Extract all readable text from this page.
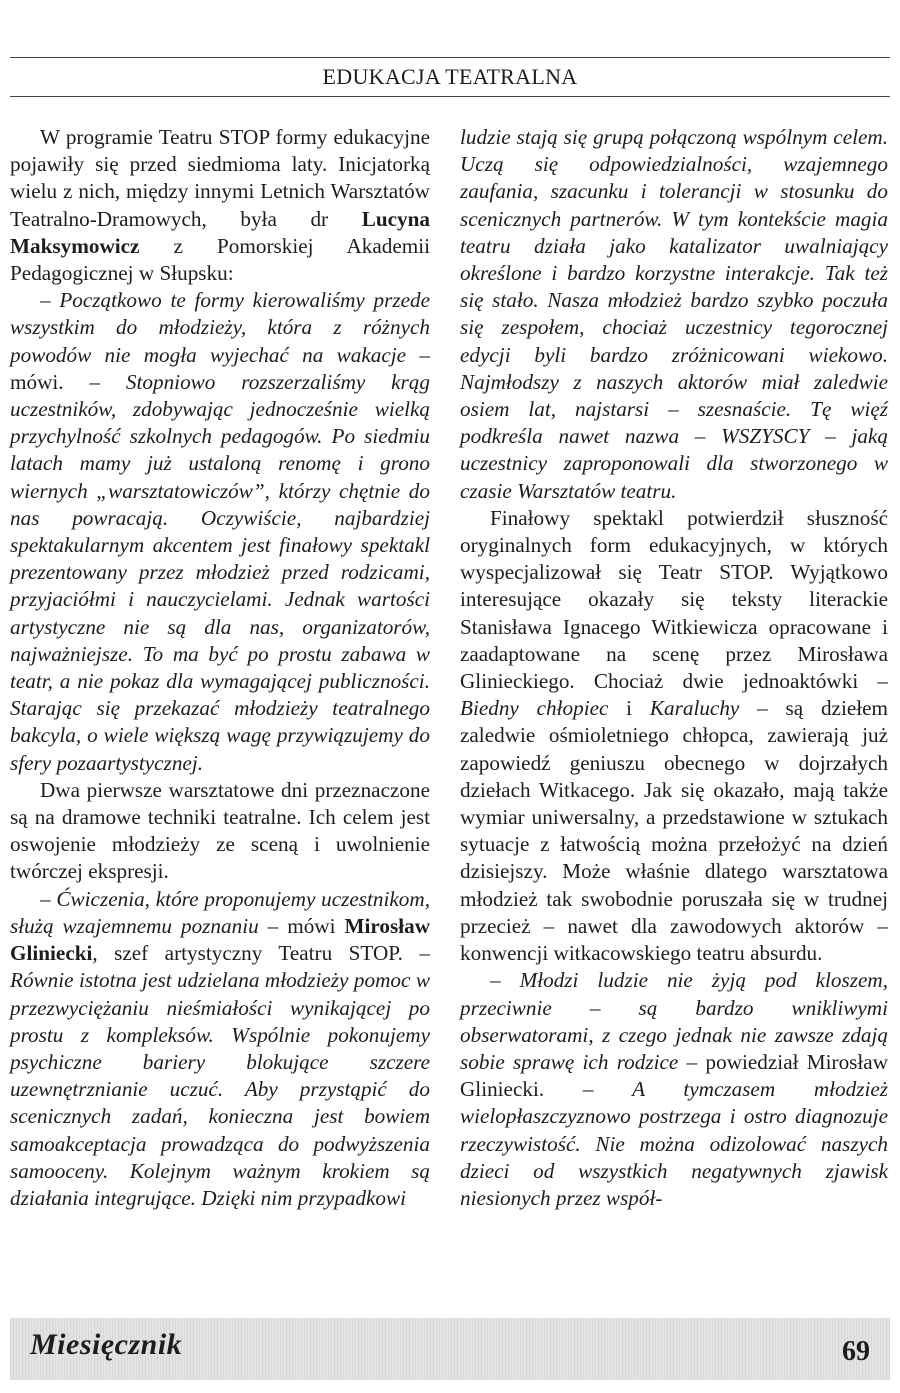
EDUKACJA TEATRALNA

W programie Teatru STOP formy edukacyjne pojawiły się przed siedmioma laty. Inicjatorką wielu z nich, między innymi Letnich Warsztatów Teatralno-Dramowych, była dr Lucyna Maksymowicz z Pomorskiej Akademii Pedagogicznej w Słupsku:

– Początkowo te formy kierowaliśmy przede wszystkim do młodzieży, która z różnych powodów nie mogła wyjechać na wakacje – mówi. – Stopniowo rozszerzaliśmy krąg uczestników, zdobywając jednocześnie wielką przychylność szkolnych pedagogów. Po siedmiu latach mamy już ustaloną renomę i grono wiernych „warsztatowiczów”, którzy chętnie do nas powracają. Oczywiście, najbardziej spektakularnym akcentem jest finałowy spektakl prezentowany przez młodzież przed rodzicami, przyjaciółmi i nauczycielami. Jednak wartości artystyczne nie są dla nas, organizatorów, najważniejsze. To ma być po prostu zabawa w teatr, a nie pokaz dla wymagającej publiczności. Starając się przekazać młodzieży teatralnego bakcyla, o wiele większą wagę przywiązujemy do sfery pozaartystycznej.

Dwa pierwsze warsztatowe dni przeznaczone są na dramowe techniki teatralne. Ich celem jest oswojenie młodzieży ze sceną i uwolnienie twórczej ekspresji.

– Ćwiczenia, które proponujemy uczestnikom, służą wzajemnemu poznaniu – mówi Mirosław Gliniecki, szef artystyczny Teatru STOP. – Równie istotna jest udzielana młodzieży pomoc w przezwyciężaniu nieśmiałości wynikającej po prostu z kompleksów. Wspólnie pokonujemy psychiczne bariery blokujące szczere uzewnętrznianie uczuć. Aby przystąpić do scenicznych zadań, konieczna jest bowiem samoakceptacja prowadząca do podwyższenia samooceny. Kolejnym ważnym krokiem są działania integrujące. Dzięki nim przypadkowi

ludzie stają się grupą połączoną wspólnym celem. Uczą się odpowiedzialności, wzajemnego zaufania, szacunku i tolerancji w stosunku do scenicznych partnerów. W tym kontekście magia teatru działa jako katalizator uwalniający określone i bardzo korzystne interakcje. Tak też się stało. Nasza młodzież bardzo szybko poczuła się zespołem, chociaż uczestnicy tegorocznej edycji byli bardzo zróżnicowani wiekowo. Najmłodszy z naszych aktorów miał zaledwie osiem lat, najstarsi – szesnaście. Tę więź podkreśla nawet nazwa – WSZYSCY – jaką uczestnicy zaproponowali dla stworzonego w czasie Warsztatów teatru.

Finałowy spektakl potwierdził słuszność oryginalnych form edukacyjnych, w których wyspecjalizował się Teatr STOP. Wyjątkowo interesujące okazały się teksty literackie Stanisława Ignacego Witkiewicza opracowane i zaadaptowane na scenę przez Mirosława Glinieckiego. Chociaż dwie jednoaktówki – Biedny chłopiec i Karaluchy – są dziełem zaledwie ośmioletniego chłopca, zawierają już zapowiedź geniuszu obecnego w dojrzałych dziełach Witkacego. Jak się okazało, mają także wymiar uniwersalny, a przedstawione w sztukach sytuacje z łatwością można przełożyć na dzień dzisiejszy. Może właśnie dlatego warsztatowa młodzież tak swobodnie poruszała się w trudnej przecież – nawet dla zawodowych aktorów – konwencji witkacowskiego teatru absurdu.

– Młodzi ludzie nie żyją pod kloszem, przeciwnie – są bardzo wnikliwymi obserwatorami, z czego jednak nie zawsze zdają sobie sprawę ich rodzice – powiedział Mirosław Gliniecki. – A tymczasem młodzież wielopłaszczyznowo postrzega i ostro diagnozuje rzeczywistość. Nie można odizolować naszych dzieci od wszystkich negatywnych zjawisk niesionych przez współ-

Miesięcznik	69
